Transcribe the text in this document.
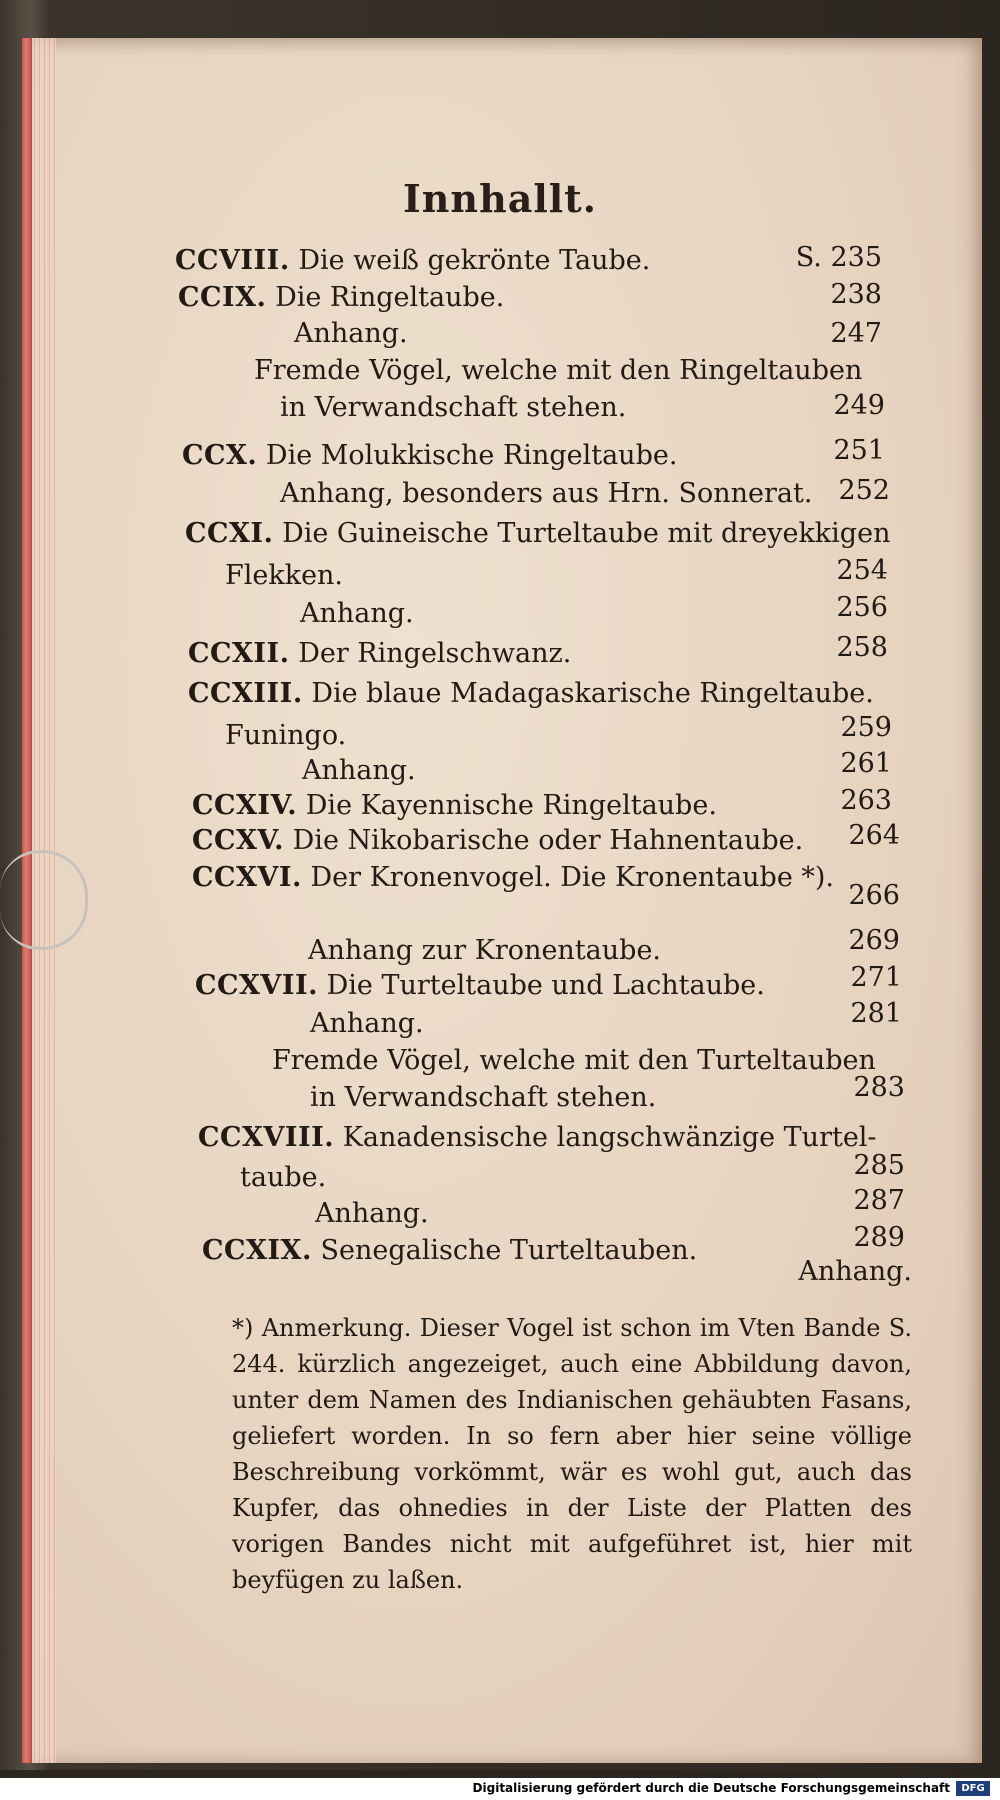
Innhallt.
CCVIII. Die weiß gekrönte Taube.	S. 235
CCIX. Die Ringeltaube.	238
Anhang.	247
Fremde Vögel, welche mit den Ringeltauben
in Verwandschaft stehen.	249
CCX. Die Molukkische Ringeltaube.	251
Anhang, besonders aus Hrn. Sonnerat. 252
CCXI. Die Guineische Turteltaube mit dreyekkigen
Flekken.	254
Anhang.	256
CCXII. Der Ringelschwanz.	258
CCXIII. Die blaue Madagaskarische Ringeltaube.
Funingo.	259
Anhang.	261
CCXIV. Die Kayennische Ringeltaube.	263
CCXV. Die Nikobarische oder Hahnentaube. 264
CCXVI. Der Kronenvogel. Die Kronentaube *).
266
Anhang zur Kronentaube.	269
CCXVII. Die Turteltaube und Lachtaube.	271
Anhang.	281
Fremde Vögel, welche mit den Turteltauben
in Verwandschaft stehen.	283
CCXVIII. Kanadensische langschwänzige Turtel-
taube.	285
Anhang.	287
CCXIX. Senegalische Turteltauben.	289
Anhang.
*) Anmerkung. Dieser Vogel ist schon im Vten Bande S. 244. kürzlich angezeiget, auch eine Abbildung davon, unter dem Namen des Indianischen gehäubten Fasans, geliefert worden. In so fern aber hier seine völlige Beschreibung vorkömmt, wär es wohl gut, auch das Kupfer, das ohnedies in der Liste der Platten des vorigen Bandes nicht mit aufgeführet ist, hier mit beyfügen zu laßen.
Digitalisierung gefördert durch die Deutsche Forschungsgemeinschaft	DFG
